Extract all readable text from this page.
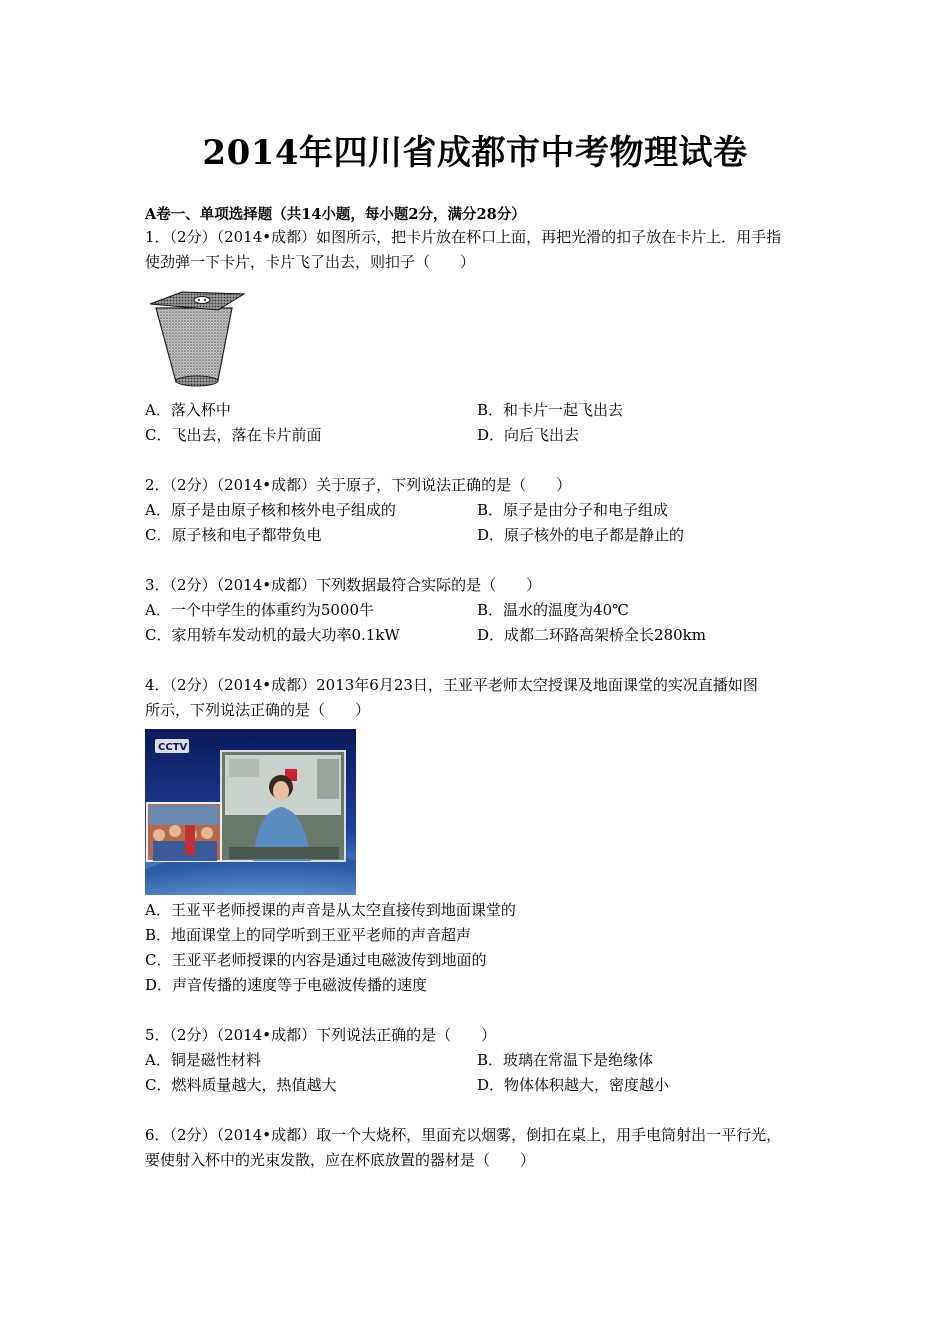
2014年四川省成都市中考物理试卷
A卷一、单项选择题（共14小题，每小题2分，满分28分）
1．（2分）（2014•成都）如图所示，把卡片放在杯口上面，再把光滑的扣子放在卡片上．用手指
使劲弹一下卡片，卡片飞了出去，则扣子（　　）
A．落入杯中	B．和卡片一起飞出去
C．飞出去，落在卡片前面	D．向后飞出去
2．（2分）（2014•成都）关于原子，下列说法正确的是（　　）
A．原子是由原子核和核外电子组成的	B．原子是由分子和电子组成
C．原子核和电子都带负电	D．原子核外的电子都是静止的
3．（2分）（2014•成都）下列数据最符合实际的是（　　）
A．一个中学生的体重约为5000牛	B．温水的温度为40℃
C．家用轿车发动机的最大功率0.1kW	D．成都二环路高架桥全长280km
4．（2分）（2014•成都）2013年6月23日，王亚平老师太空授课及地面课堂的实况直播如图
所示，下列说法正确的是（　　）
CCTV
A．王亚平老师授课的声音是从太空直接传到地面课堂的
B．地面课堂上的同学听到王亚平老师的声音超声
C．王亚平老师授课的内容是通过电磁波传到地面的
D．声音传播的速度等于电磁波传播的速度
5．（2分）（2014•成都）下列说法正确的是（　　）
A．铜是磁性材料	B．玻璃在常温下是绝缘体
C．燃料质量越大，热值越大	D．物体体积越大，密度越小
6．（2分）（2014•成都）取一个大烧杯，里面充以烟雾，倒扣在桌上，用手电筒射出一平行光，
要使射入杯中的光束发散，应在杯底放置的器材是（　　）
